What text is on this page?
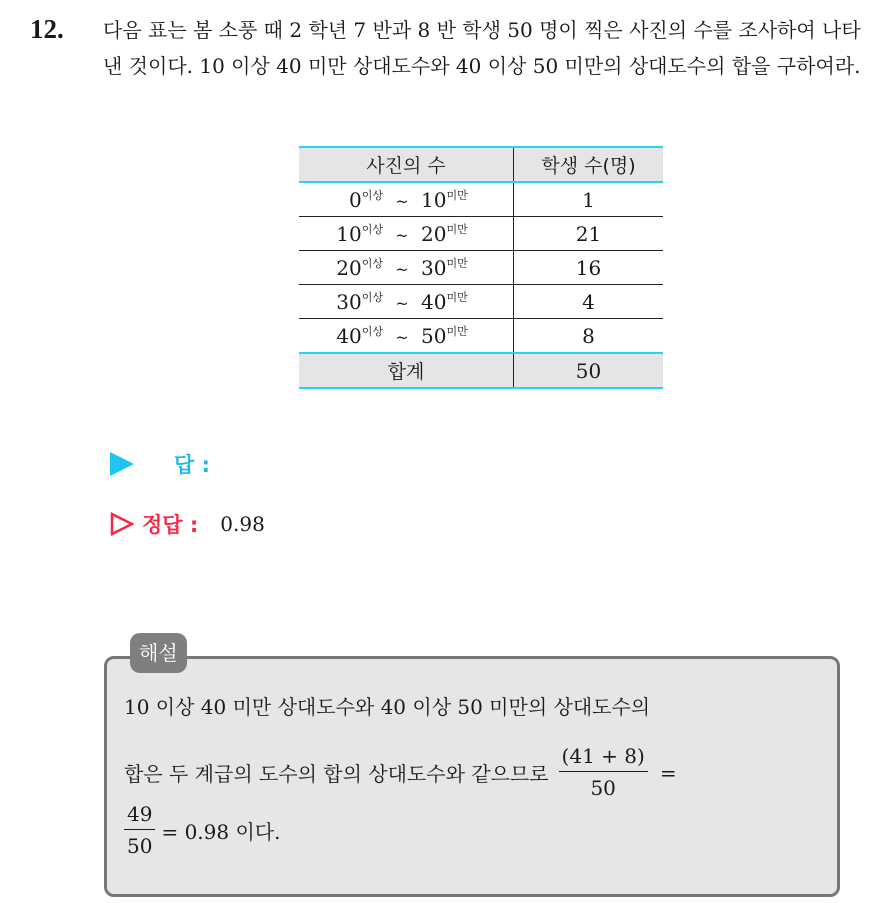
12. 다음 표는 봄 소풍 때 2 학년 7 반과 8 반 학생 50 명이 찍은 사진의 수를 조사하여 나타낸 것이다. 10 이상 40 미만 상대도수와 40 이상 50 미만의 상대도수의 합을 구하여라.
사진의 수	학생 수(명)

$0^{이상}$ ~ $10^{미만}$	1

$10^{이상}$ ~ $20^{미만}$	21

$20^{이상}$ ~ $30^{미만}$	16

$30^{이상}$ ~ $40^{미만}$	4

$40^{이상}$ ~ $50^{미만}$	8
합계	50
답 :
정답 : 0.98
해설
10 이상 40 미만 상대도수와 40 이상 50 미만의 상대도수의
합은 두 계급의 도수의 합의 상대도수와 같으므로 $\frac{(41 + 8)}{50}$ =
$\frac{49}{50} = 0.98$ 이다.
